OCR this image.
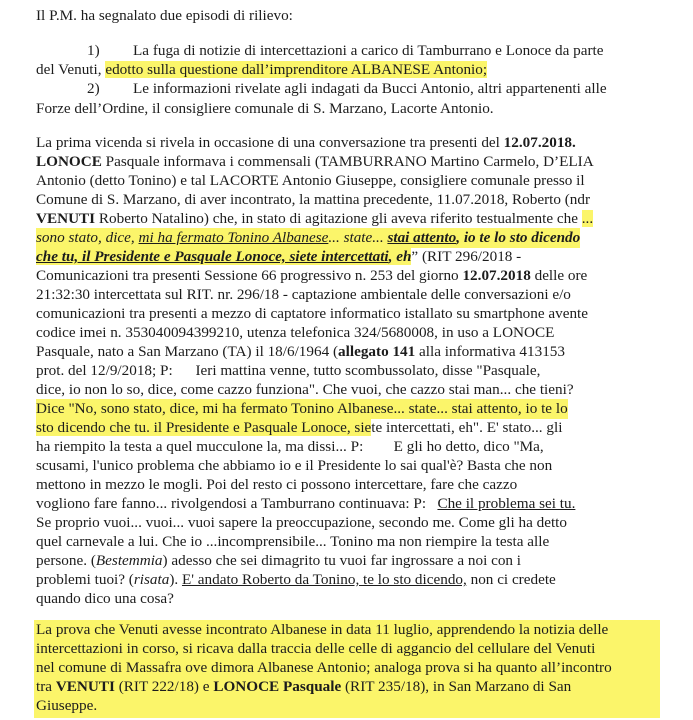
Il P.M. ha segnalato due episodi di rilievo:
1) La fuga di notizie di intercettazioni a carico di Tamburrano e Lonoce da parte
del Venuti, edotto sulla questione dall’imprenditore ALBANESE Antonio;
2) Le informazioni rivelate agli indagati da Bucci Antonio, altri appartenenti alle
Forze dell’Ordine, il consigliere comunale di S. Marzano, Lacorte Antonio.
La prima vicenda si rivela in occasione di una conversazione tra presenti del 12.07.2018.
LONOCE Pasquale informava i commensali (TAMBURRANO Martino Carmelo, D’ELIA
Antonio (detto Tonino) e tal LACORTE Antonio Giuseppe, consigliere comunale presso il
Comune di S. Marzano, di aver incontrato, la mattina precedente, 11.07.2018, Roberto (ndr
VENUTI Roberto Natalino) che, in stato di agitazione gli aveva riferito testualmente che ...
sono stato, dice, mi ha fermato Tonino Albanese... state... stai attento, io te lo sto dicendo
che tu, il Presidente e Pasquale Lonoce, siete intercettati, eh” (RIT 296/2018 -
Comunicazioni tra presenti Sessione 66 progressivo n. 253 del giorno 12.07.2018 delle ore
21:32:30 intercettata sul RIT. nr. 296/18 - captazione ambientale delle conversazioni e/o
comunicazioni tra presenti a mezzo di captatore informatico istallato su smartphone avente
codice imei n. 353040094399210, utenza telefonica 324/5680008, in uso a LONOCE
Pasquale, nato a San Marzano (TA) il 18/6/1964 (allegato 141 alla informativa 413153
prot. del 12/9/2018; P: Ieri mattina venne, tutto scombussolato, disse "Pasquale,
dice, io non lo so, dice, come cazzo funziona". Che vuoi, che cazzo stai man... che tieni?
Dice "No, sono stato, dice, mi ha fermato Tonino Albanese... state... stai attento, io te lo
sto dicendo che tu. il Presidente e Pasquale Lonoce, siete intercettati, eh". E' stato... gli
ha riempito la testa a quel mucculone la, ma dissi... P: E gli ho detto, dico "Ma,
scusami, l'unico problema che abbiamo io e il Presidente lo sai qual'è? Basta che non
mettono in mezzo le mogli. Poi del resto ci possono intercettare, fare che cazzo
vogliono fare fanno... rivolgendosi a Tamburrano continuava: P: Che il problema sei tu.
Se proprio vuoi... vuoi... vuoi sapere la preoccupazione, secondo me. Come gli ha detto
quel carnevale a lui. Che io ...incomprensibile... Tonino ma non riempire la testa alle
persone. (Bestemmia) adesso che sei dimagrito tu vuoi far ingrossare a noi con i
problemi tuoi? (risata). E' andato Roberto da Tonino, te lo sto dicendo, non ci credete
quando dico una cosa?
La prova che Venuti avesse incontrato Albanese in data 11 luglio, apprendendo la notizia delle
intercettazioni in corso, si ricava dalla traccia delle celle di aggancio del cellulare del Venuti
nel comune di Massafra ove dimora Albanese Antonio; analoga prova si ha quanto all’incontro
tra VENUTI (RIT 222/18) e LONOCE Pasquale (RIT 235/18), in San Marzano di San
Giuseppe.
